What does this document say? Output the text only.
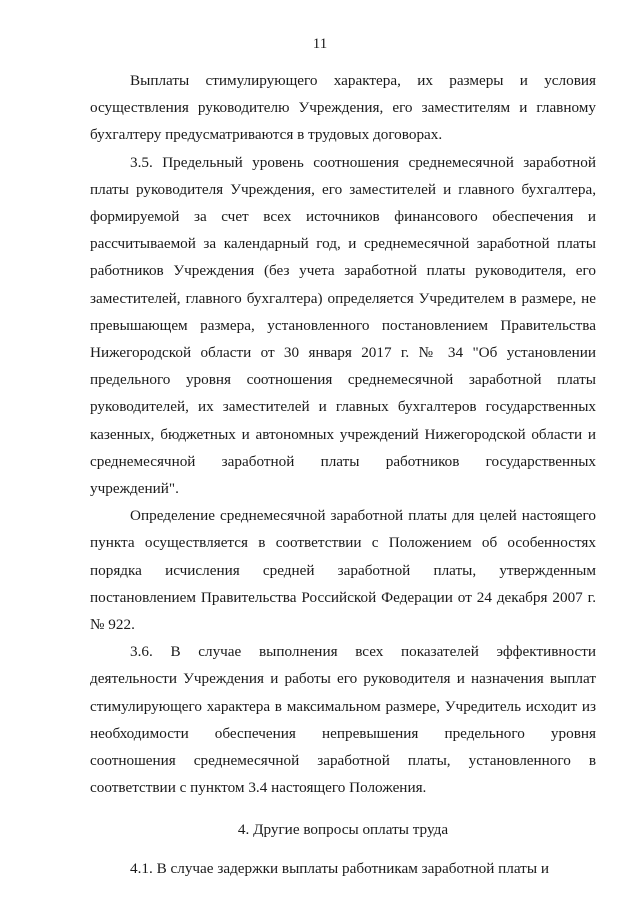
11

Выплаты стимулирующего характера, их размеры и условия осуществления руководителю Учреждения, его заместителям и главному бухгалтеру предусматриваются в трудовых договорах.

3.5. Предельный уровень соотношения среднемесячной заработной платы руководителя Учреждения, его заместителей и главного бухгалтера, формируемой за счет всех источников финансового обеспечения и рассчитываемой за календарный год, и среднемесячной заработной платы работников Учреждения (без учета заработной платы руководителя, его заместителей, главного бухгалтера) определяется Учредителем в размере, не превышающем размера, установленного постановлением Правительства Нижегородской области от 30 января 2017 г. № 34 "Об установлении предельного уровня соотношения среднемесячной заработной платы руководителей, их заместителей и главных бухгалтеров государственных казенных, бюджетных и автономных учреждений Нижегородской области и среднемесячной заработной платы работников государственных учреждений".

Определение среднемесячной заработной платы для целей настоящего пункта осуществляется в соответствии с Положением об особенностях порядка исчисления средней заработной платы, утвержденным постановлением Правительства Российской Федерации от 24 декабря 2007 г. № 922.

3.6. В случае выполнения всех показателей эффективности деятельности Учреждения и работы его руководителя и назначения выплат стимулирующего характера в максимальном размере, Учредитель исходит из необходимости обеспечения непревышения предельного уровня соотношения среднемесячной заработной платы, установленного в соответствии с пунктом 3.4 настоящего Положения.

4. Другие вопросы оплаты труда

4.1. В случае задержки выплаты работникам заработной платы и
